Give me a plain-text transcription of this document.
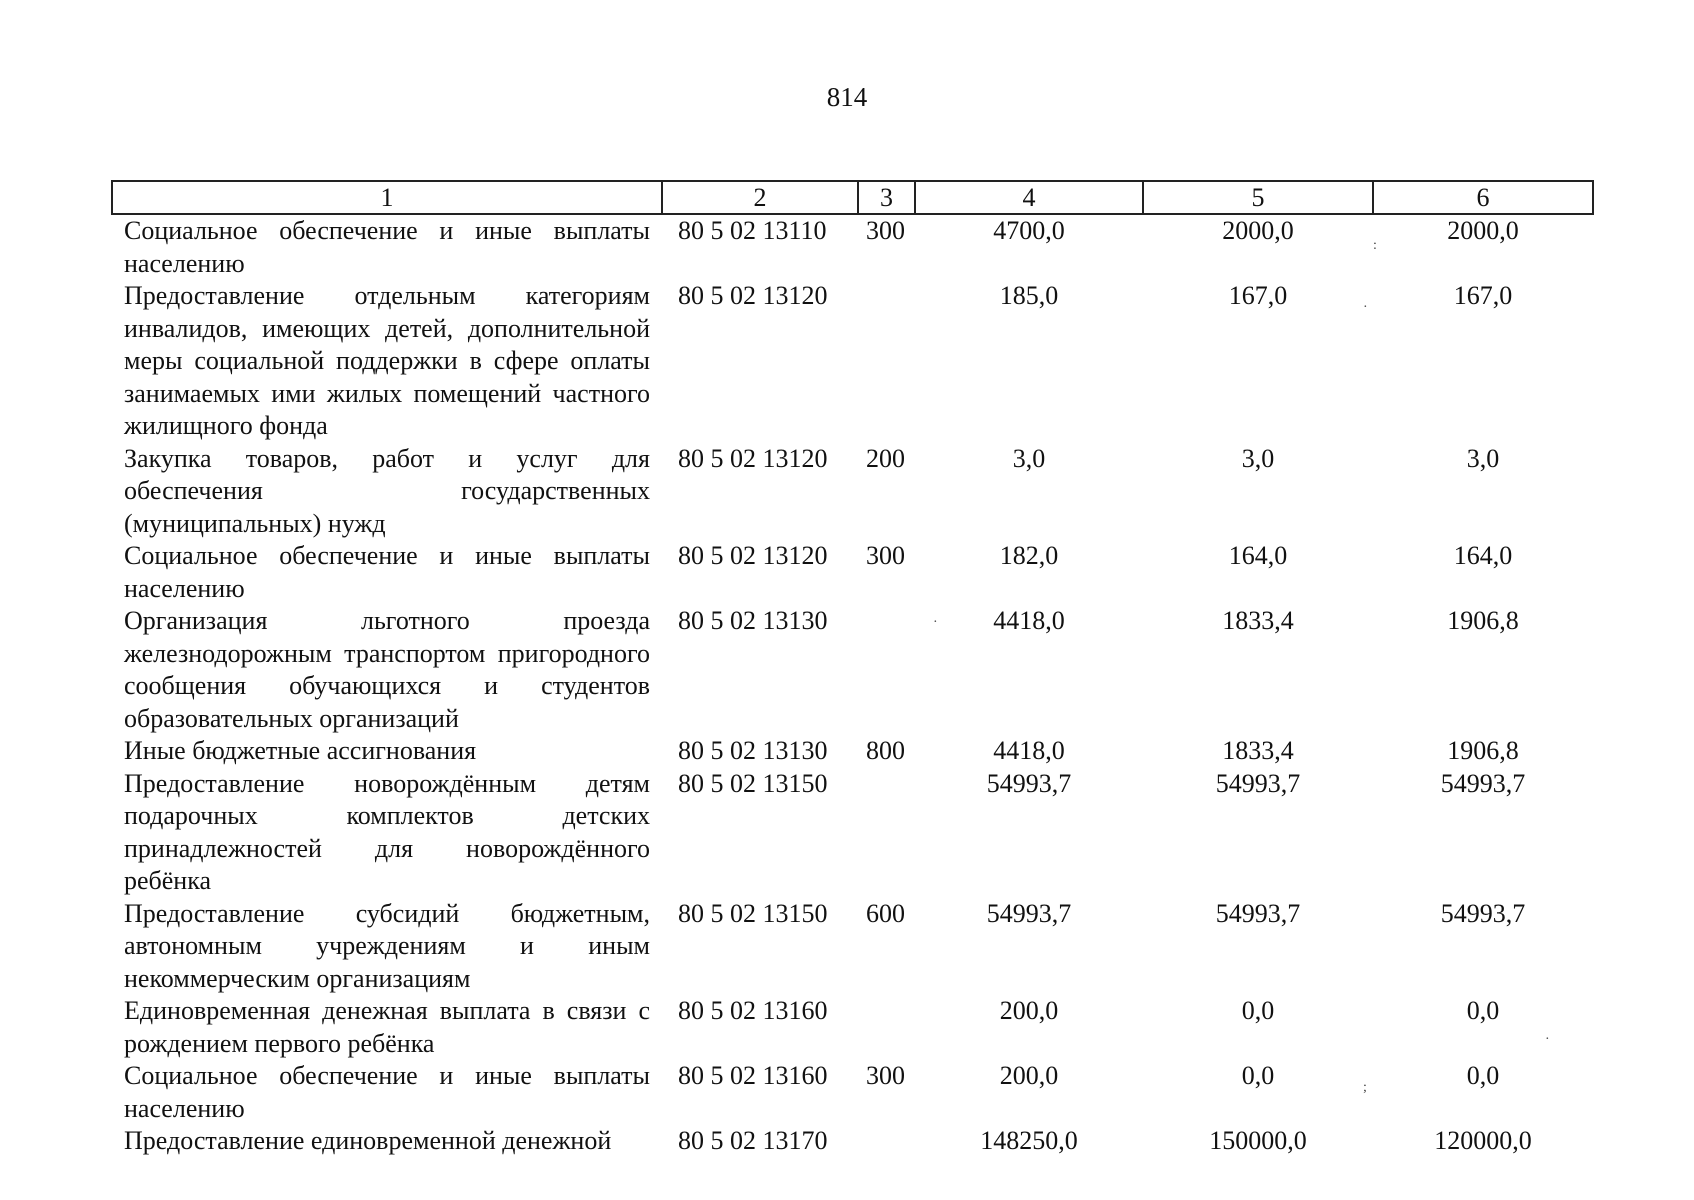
814
1	2	3	4	5	6
Социальное обеспечение и иные выплаты населению	80 5 02 13110	300	4700,0	2000,0	2000,0
Предоставление отдельным категориям инвалидов, имеющих детей, дополнительной меры социальной поддержки в сфере оплаты занимаемых ими жилых помещений частного жилищного фонда	80 5 02 13120		185,0	167,0	167,0
Закупка товаров, работ и услуг для обеспечения государственных (муниципальных) нужд	80 5 02 13120	200	3,0	3,0	3,0
Социальное обеспечение и иные выплаты населению	80 5 02 13120	300	182,0	164,0	164,0
Организация льготного проезда железнодорожным транспортом пригородного сообщения обучающихся и студентов образовательных организаций	80 5 02 13130		4418,0	1833,4	1906,8
Иные бюджетные ассигнования	80 5 02 13130	800	4418,0	1833,4	1906,8
Предоставление новорождённым детям подарочных комплектов детских принадлежностей для новорождённого ребёнка	80 5 02 13150		54993,7	54993,7	54993,7
Предоставление субсидий бюджетным, автономным учреждениям и иным некоммерческим организациям	80 5 02 13150	600	54993,7	54993,7	54993,7
Единовременная денежная выплата в связи с рождением первого ребёнка	80 5 02 13160		200,0	0,0	0,0
Социальное обеспечение и иные выплаты населению	80 5 02 13160	300	200,0	0,0	0,0
Предоставление единовременной денежной	80 5 02 13170		148250,0	150000,0	120000,0
:
·
·
·
;
